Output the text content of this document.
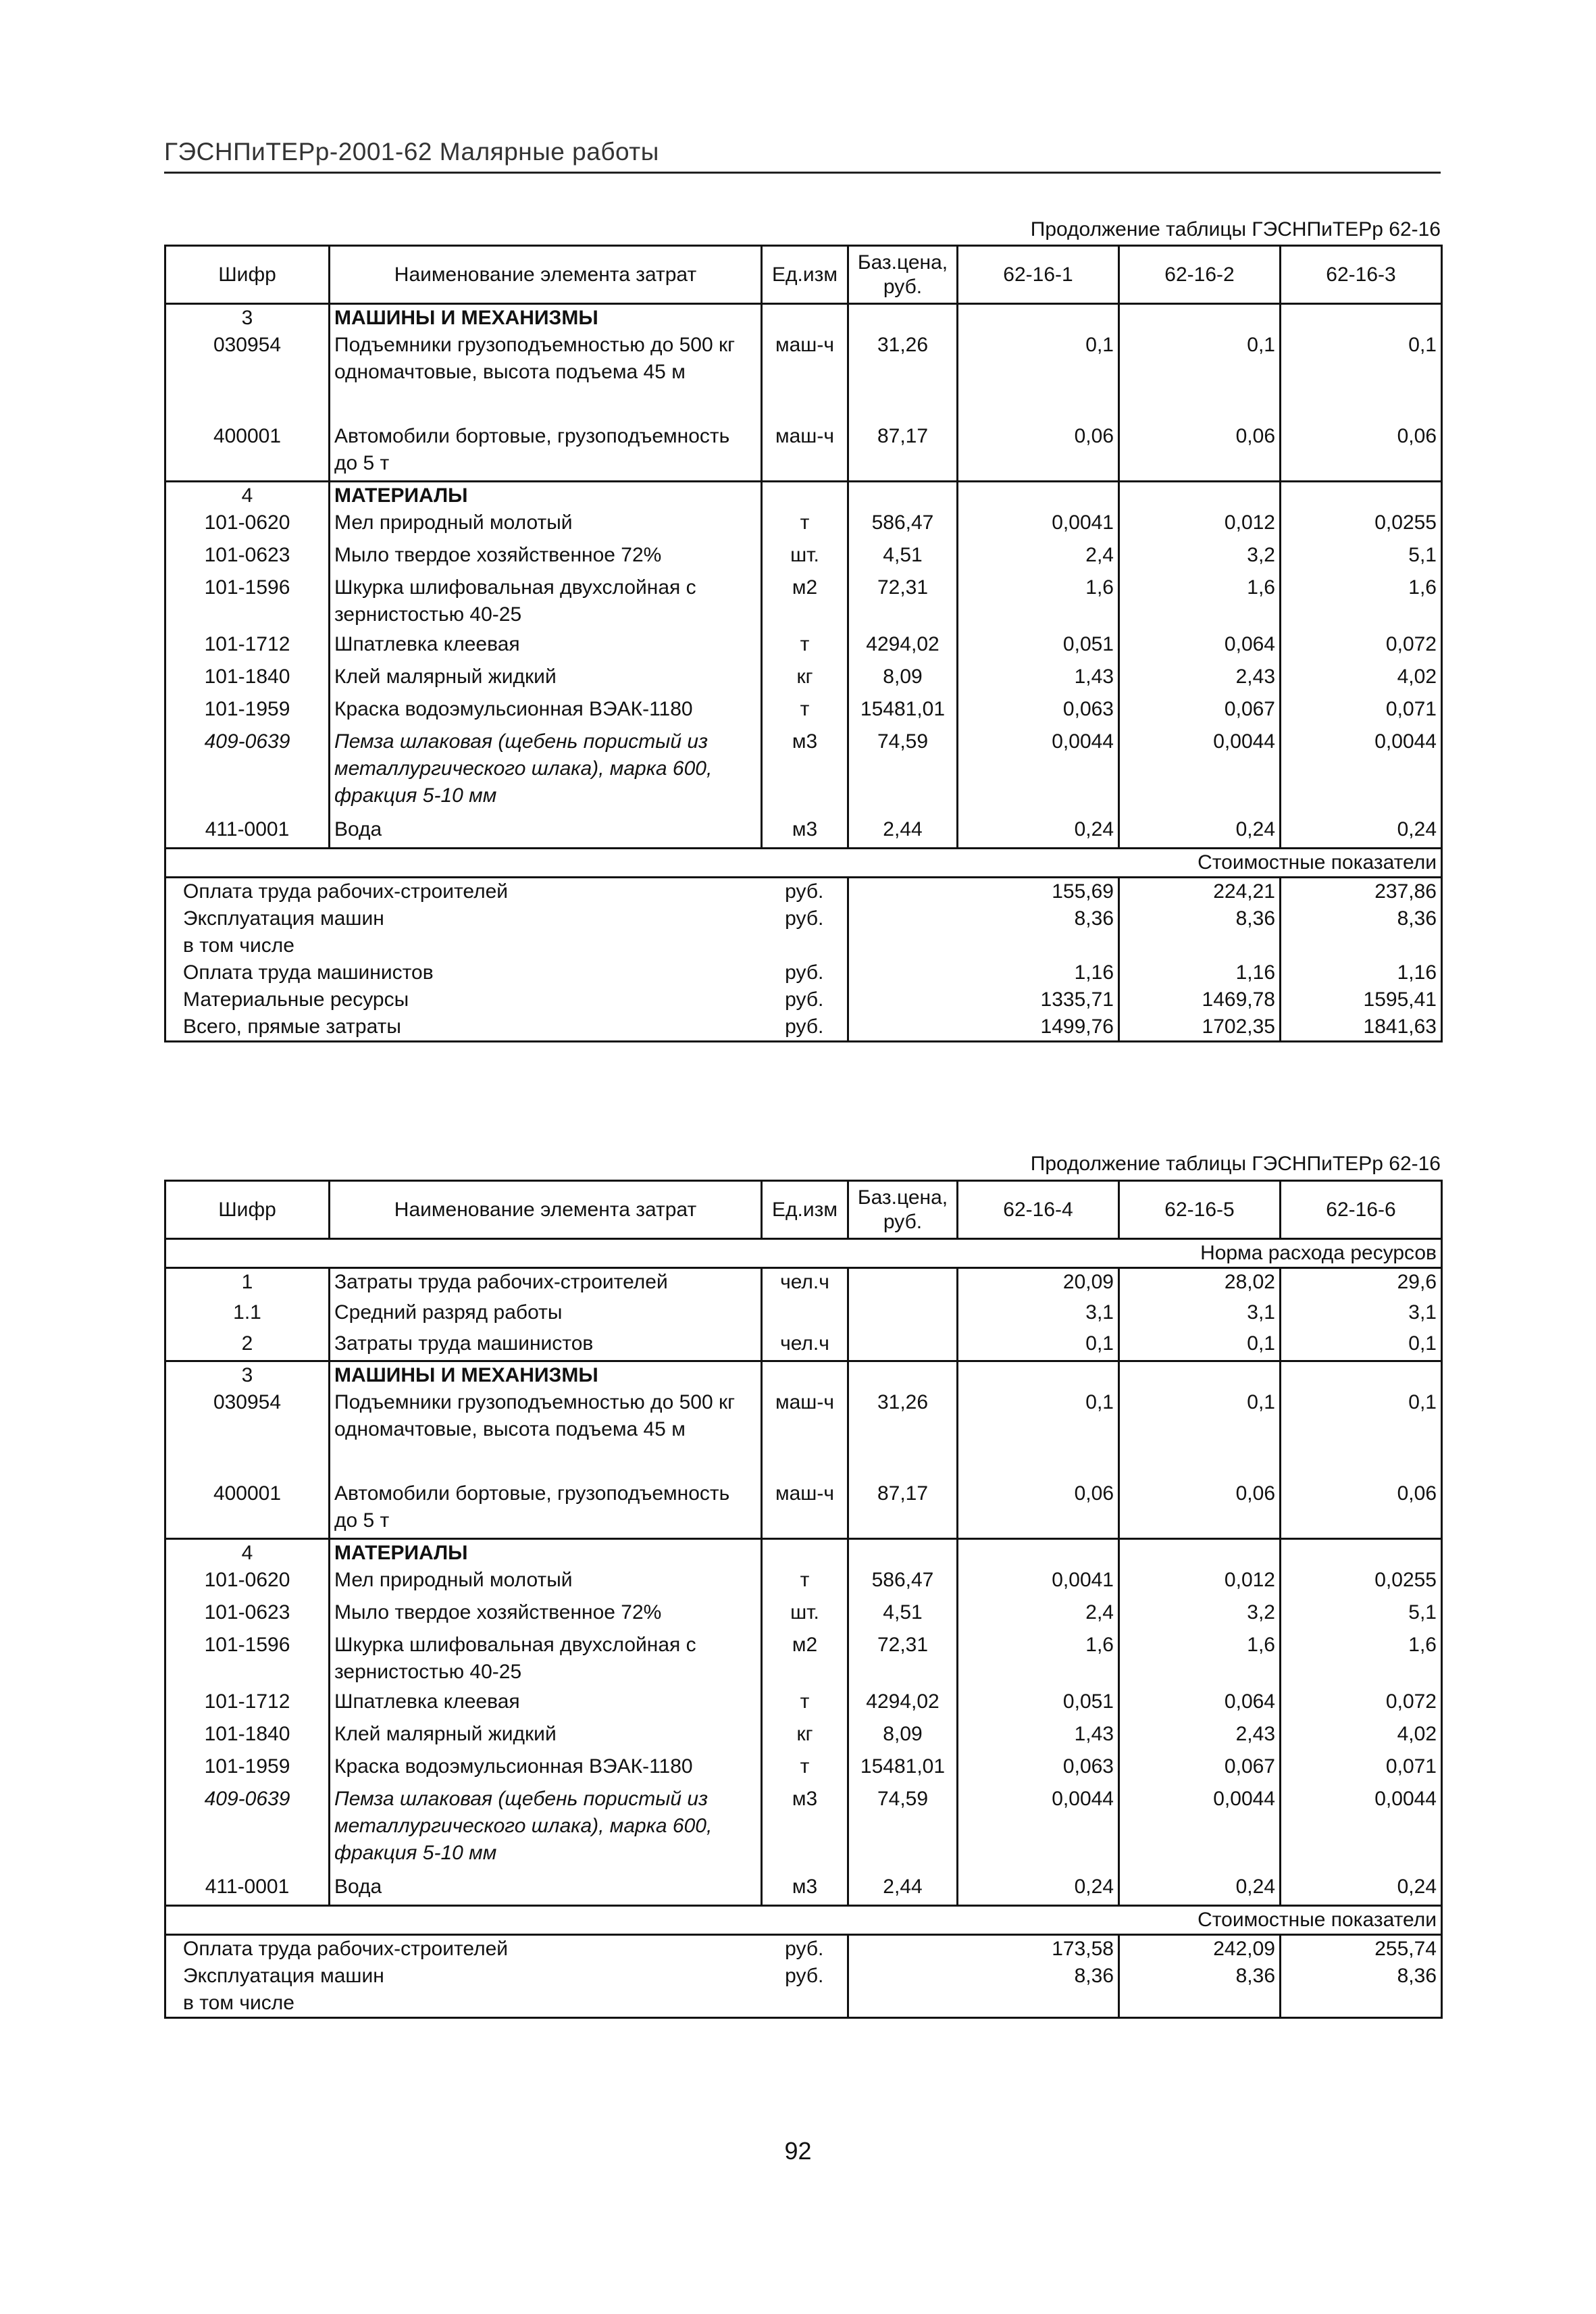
ГЭСНПиТЕРр-2001-62 Малярные работы
Продолжение таблицы ГЭСНПиТЕРр 62-16
Шифр	Наименование элемента затрат	Ед.изм	Баз.цена, руб.	62-16-1	62-16-2	62-16-3
3	МАШИНЫ И МЕХАНИЗМЫ					
030954	Подъемники грузоподъемностью до 500 кг одномачтовые, высота подъема 45 м	маш-ч	31,26	0,1	0,1	0,1
400001	Автомобили бортовые, грузоподъемность до 5 т	маш-ч	87,17	0,06	0,06	0,06
4	МАТЕРИАЛЫ					
101-0620	Мел природный молотый	т	586,47	0,0041	0,012	0,0255
101-0623	Мыло твердое хозяйственное 72%	шт.	4,51	2,4	3,2	5,1
101-1596	Шкурка шлифовальная двухслойная с зернистостью 40-25	м2	72,31	1,6	1,6	1,6
101-1712	Шпатлевка клеевая	т	4294,02	0,051	0,064	0,072
101-1840	Клей малярный жидкий	кг	8,09	1,43	2,43	4,02
101-1959	Краска водоэмульсионная ВЭАК-1180	т	15481,01	0,063	0,067	0,071
409-0639	Пемза шлаковая (щебень пористый из металлургического шлака), марка 600, фракция 5-10 мм	м3	74,59	0,0044	0,0044	0,0044
411-0001	Вода	м3	2,44	0,24	0,24	0,24
Стоимостные показатели						
Оплата труда рабочих-строителей		руб.		155,69	224,21	237,86
Эксплуатация машин		руб.		8,36	8,36	8,36
в том числе						
Оплата труда машинистов		руб.		1,16	1,16	1,16
Материальные ресурсы		руб.		1335,71	1469,78	1595,41
Всего, прямые затраты		руб.		1499,76	1702,35	1841,63
Продолжение таблицы ГЭСНПиТЕРр 62-16
Шифр	Наименование элемента затрат	Ед.изм	Баз.цена, руб.	62-16-4	62-16-5	62-16-6
Норма расхода ресурсов						
1	Затраты труда рабочих-строителей	чел.ч		20,09	28,02	29,6
1.1	Средний разряд работы			3,1	3,1	3,1
2	Затраты труда машинистов	чел.ч		0,1	0,1	0,1
3	МАШИНЫ И МЕХАНИЗМЫ					
030954	Подъемники грузоподъемностью до 500 кг одномачтовые, высота подъема 45 м	маш-ч	31,26	0,1	0,1	0,1
400001	Автомобили бортовые, грузоподъемность до 5 т	маш-ч	87,17	0,06	0,06	0,06
4	МАТЕРИАЛЫ					
101-0620	Мел природный молотый	т	586,47	0,0041	0,012	0,0255
101-0623	Мыло твердое хозяйственное 72%	шт.	4,51	2,4	3,2	5,1
101-1596	Шкурка шлифовальная двухслойная с зернистостью 40-25	м2	72,31	1,6	1,6	1,6
101-1712	Шпатлевка клеевая	т	4294,02	0,051	0,064	0,072
101-1840	Клей малярный жидкий	кг	8,09	1,43	2,43	4,02
101-1959	Краска водоэмульсионная ВЭАК-1180	т	15481,01	0,063	0,067	0,071
409-0639	Пемза шлаковая (щебень пористый из металлургического шлака), марка 600, фракция 5-10 мм	м3	74,59	0,0044	0,0044	0,0044
411-0001	Вода	м3	2,44	0,24	0,24	0,24
Стоимостные показатели						
Оплата труда рабочих-строителей		руб.		173,58	242,09	255,74
Эксплуатация машин		руб.		8,36	8,36	8,36
в том числе						
92
